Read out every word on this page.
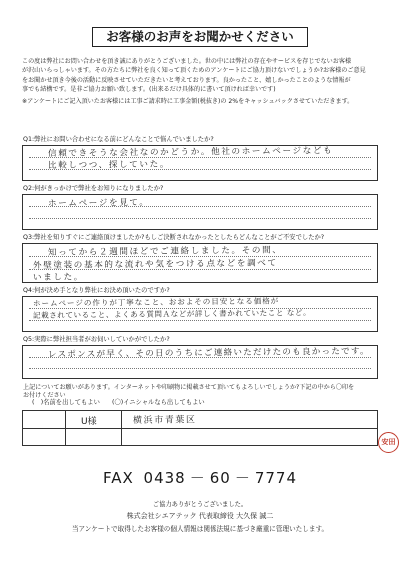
お客様のお声をお聞かせください

この度は弊社にお問い合わせを頂き誠にありがとうございました。世の中には弊社の存在やサービスを存じでないお客様

が沢山いらっしゃいます。その方たちに弊社を良く知って頂くためのアンケートにご協力頂けないでしょうか?お客様のご意見

をお聞かせ頂き今後の活動に反映させていただきたいと考えております。良かったこと、嬉しかったことのような情報が

事でも結構です。是非ご協力お願い致します。(出来るだけ具体的に書いて頂ければ幸いです)

※アンケートにご記入頂いたお客様には工事ご請求時に工事金額(税抜き)の 2%をキャッシュバックさせていただきます。

Q1:弊社にお問い合わせになる前にどんなことで悩んでいましたか?
信頼できそうな会社なのかどうか。他社のホームページなども
比較しつつ、探していた。
Q2:何がきっかけで弊社をお知りになりましたか?
ホームページを見て。
Q3:弊社を知りすぐにご連絡頂けましたか?もしご決断されなかったとしたらどんなことがご不安でしたか?
知ってから２週間ほどでご連絡しました。その間、
外壁塗装の基本的な流れや気をつける点などを調べて
いました。
Q4:何が決め手となり弊社にお決め頂いたのですか?
ホームページの作りが丁寧なこと、おおよその目安となる価格が
記載されていること、よくある質問Ａなどが詳しく書かれていたこと など。
Q5:実際に弊社担当者がお伺いしていかがでしたか?
レスポンスが早く、その日のうちにご連絡いただけたのも良かったです。
上記についてお願いがあります。インターネットや印刷物に掲載させて頂いてもよろしいでしょうか?下記の中から〇印を
お付けください
(　)名前を出してもよい (〇)イニシャルなら出してもよい
U様	横浜市青葉区
安田
FAX 0438 － 60 － 7774
ご協力ありがとうございました。
株式会社シエアテック 代表取締役 大久保 誠二
当アンケートで取得したお客様の個人情報は関係法規に基づき厳重に管理いたします。
